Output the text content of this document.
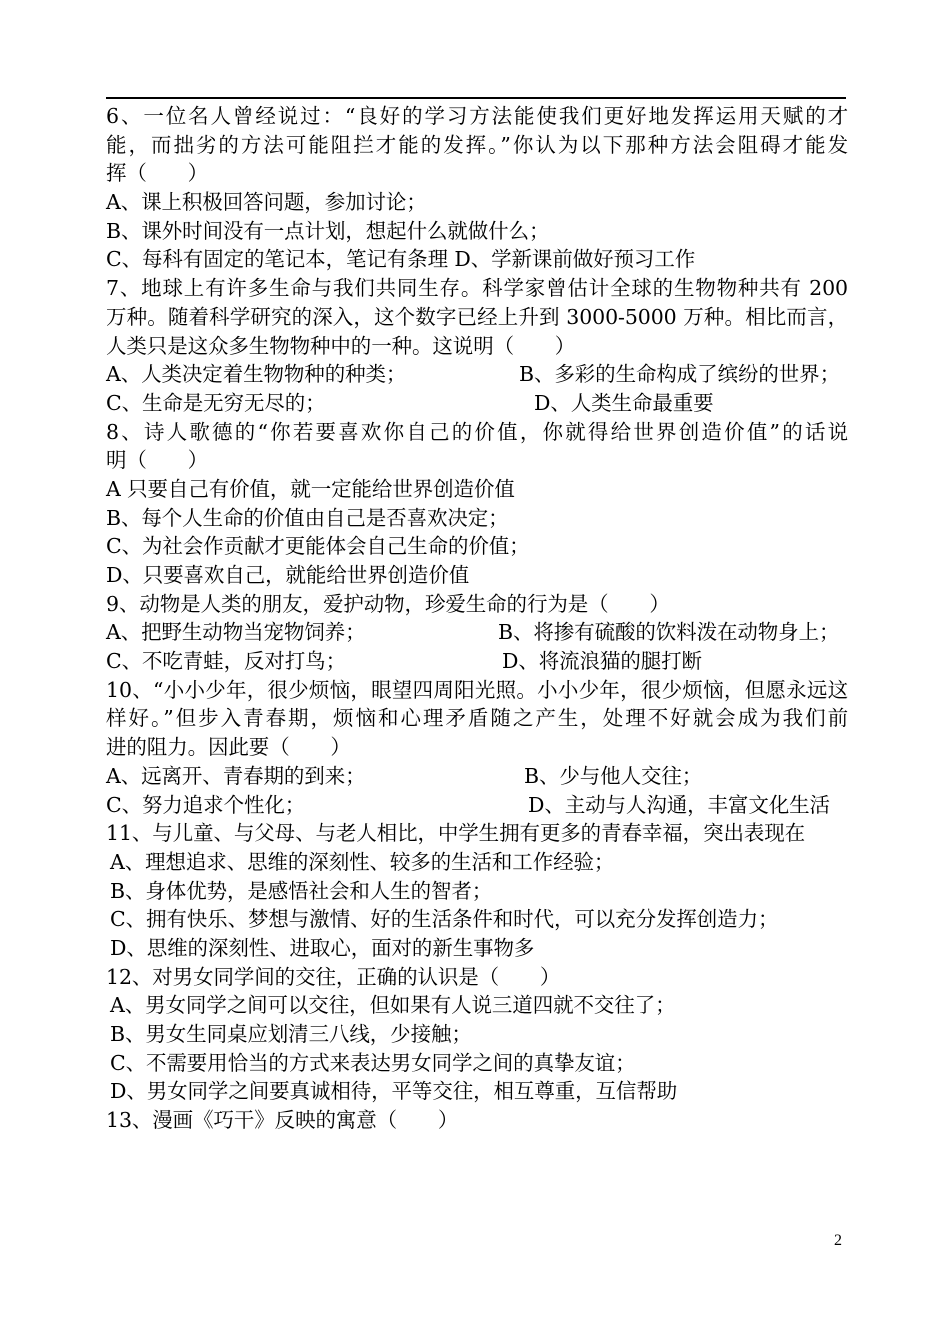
6、一位名人曾经说过：“良好的学习方法能使我们更好地发挥运用天赋的才
能，而拙劣的方法可能阻拦才能的发挥。”你认为以下那种方法会阻碍才能发
挥（　　）
A、课上积极回答问题，参加讨论；
B、课外时间没有一点计划，想起什么就做什么；
C、每科有固定的笔记本，笔记有条理 D、学新课前做好预习工作
7、地球上有许多生命与我们共同生存。科学家曾估计全球的生物物种共有 200
万种。随着科学研究的深入，这个数字已经上升到 3000-5000 万种。相比而言，
人类只是这众多生物物种中的一种。这说明（　　）
A、人类决定着生物物种的种类；	B、多彩的生命构成了缤纷的世界；
C、生命是无穷无尽的；	D、人类生命最重要
8、诗人歌德的“你若要喜欢你自己的价值，你就得给世界创造价值”的话说
明（　　）
A 只要自己有价值，就一定能给世界创造价值
B、每个人生命的价值由自己是否喜欢决定；
C、为社会作贡献才更能体会自己生命的价值；
D、只要喜欢自己，就能给世界创造价值
9、动物是人类的朋友，爱护动物，珍爱生命的行为是（　　）
A、把野生动物当宠物饲养；	B、将掺有硫酸的饮料泼在动物身上；
C、不吃青蛙，反对打鸟；	D、将流浪猫的腿打断
10、“小小少年，很少烦恼，眼望四周阳光照。小小少年，很少烦恼，但愿永远这
样好。”但步入青春期，烦恼和心理矛盾随之产生，处理不好就会成为我们前
进的阻力。因此要（　　）
A、远离开、青春期的到来；	B、少与他人交往；
C、努力追求个性化；	D、主动与人沟通，丰富文化生活
11、与儿童、与父母、与老人相比，中学生拥有更多的青春幸福，突出表现在
A、理想追求、思维的深刻性、较多的生活和工作经验；
B、身体优势，是感悟社会和人生的智者；
C、拥有快乐、梦想与激情、好的生活条件和时代，可以充分发挥创造力；
D、思维的深刻性、进取心，面对的新生事物多
12、对男女同学间的交往，正确的认识是（　　）
A、男女同学之间可以交往，但如果有人说三道四就不交往了；
B、男女生同桌应划清三八线，少接触；
C、不需要用恰当的方式来表达男女同学之间的真挚友谊；
D、男女同学之间要真诚相待，平等交往，相互尊重，互信帮助
13、漫画《巧干》反映的寓意（　　）
2
